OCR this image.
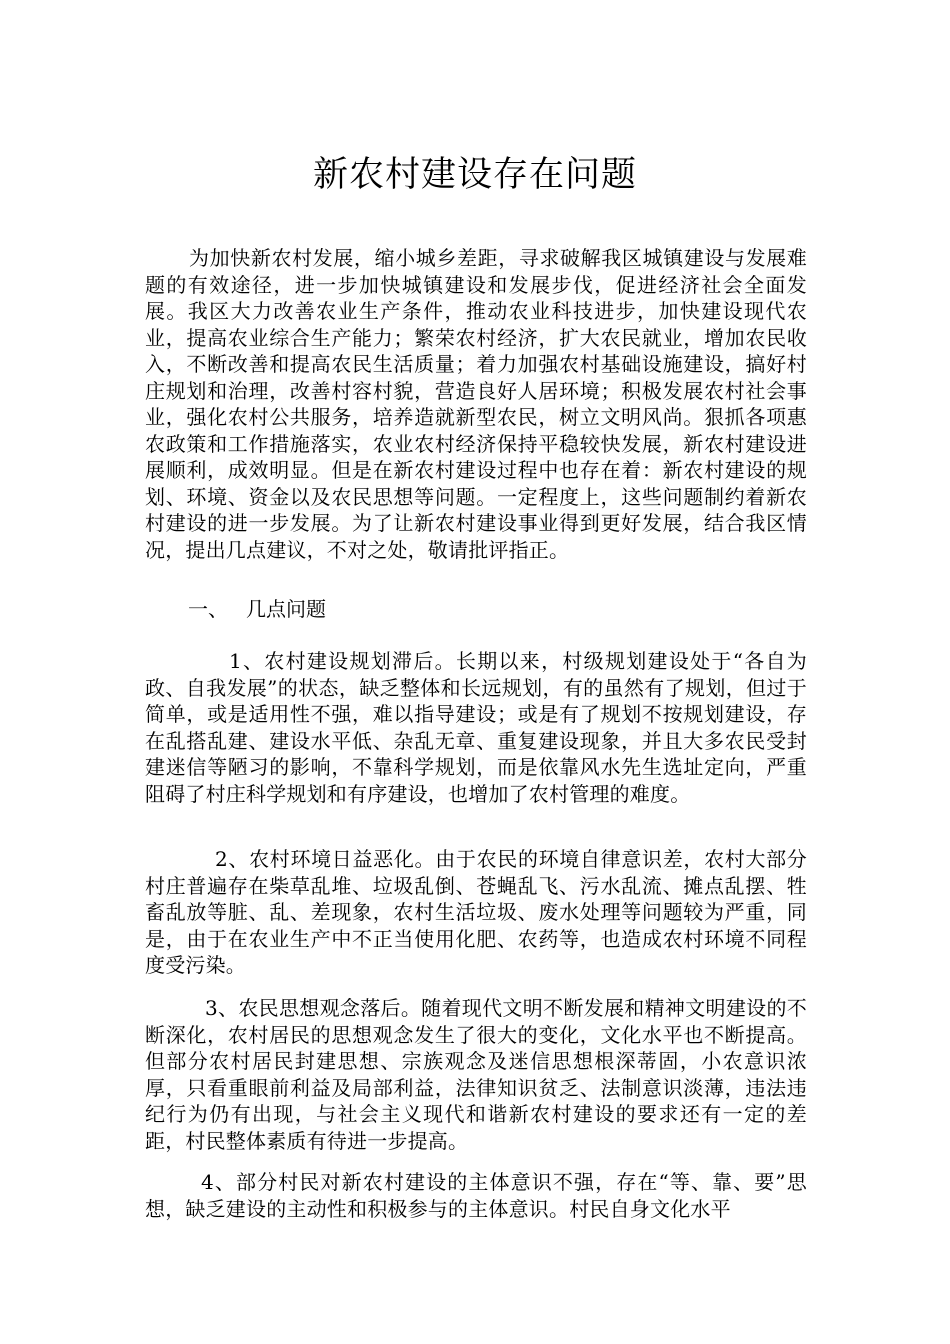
新农村建设存在问题

为加快新农村发展，缩小城乡差距，寻求破解我区城镇建设与发展难题的有效途径，进一步加快城镇建设和发展步伐，促进经济社会全面发展。我区大力改善农业生产条件，推动农业科技进步，加快建设现代农业，提高农业综合生产能力；繁荣农村经济，扩大农民就业，增加农民收入，不断改善和提高农民生活质量；着力加强农村基础设施建设，搞好村庄规划和治理，改善村容村貌，营造良好人居环境；积极发展农村社会事业，强化农村公共服务，培养造就新型农民，树立文明风尚。狠抓各项惠农政策和工作措施落实，农业农村经济保持平稳较快发展，新农村建设进展顺利，成效明显。但是在新农村建设过程中也存在着：新农村建设的规划、环境、资金以及农民思想等问题。一定程度上，这些问题制约着新农村建设的进一步发展。为了让新农村建设事业得到更好发展，结合我区情况，提出几点建议，不对之处，敬请批评指正。

一、 几点问题

1、农村建设规划滞后。长期以来，村级规划建设处于“各自为政、自我发展”的状态，缺乏整体和长远规划，有的虽然有了规划，但过于简单，或是适用性不强，难以指导建设；或是有了规划不按规划建设，存在乱搭乱建、建设水平低、杂乱无章、重复建设现象，并且大多农民受封建迷信等陋习的影响，不靠科学规划，而是依靠风水先生选址定向，严重阻碍了村庄科学规划和有序建设，也增加了农村管理的难度。

2、农村环境日益恶化。由于农民的环境自律意识差，农村大部分村庄普遍存在柴草乱堆、垃圾乱倒、苍蝇乱飞、污水乱流、摊点乱摆、牲畜乱放等脏、乱、差现象，农村生活垃圾、废水处理等问题较为严重，同是，由于在农业生产中不正当使用化肥、农药等，也造成农村环境不同程度受污染。

3、农民思想观念落后。随着现代文明不断发展和精神文明建设的不断深化，农村居民的思想观念发生了很大的变化，文化水平也不断提高。但部分农村居民封建思想、宗族观念及迷信思想根深蒂固，小农意识浓厚，只看重眼前利益及局部利益，法律知识贫乏、法制意识淡薄，违法违纪行为仍有出现，与社会主义现代和谐新农村建设的要求还有一定的差距，村民整体素质有待进一步提高。

4、部分村民对新农村建设的主体意识不强，存在“等、靠、要”思想，缺乏建设的主动性和积极参与的主体意识。村民自身文化水平
